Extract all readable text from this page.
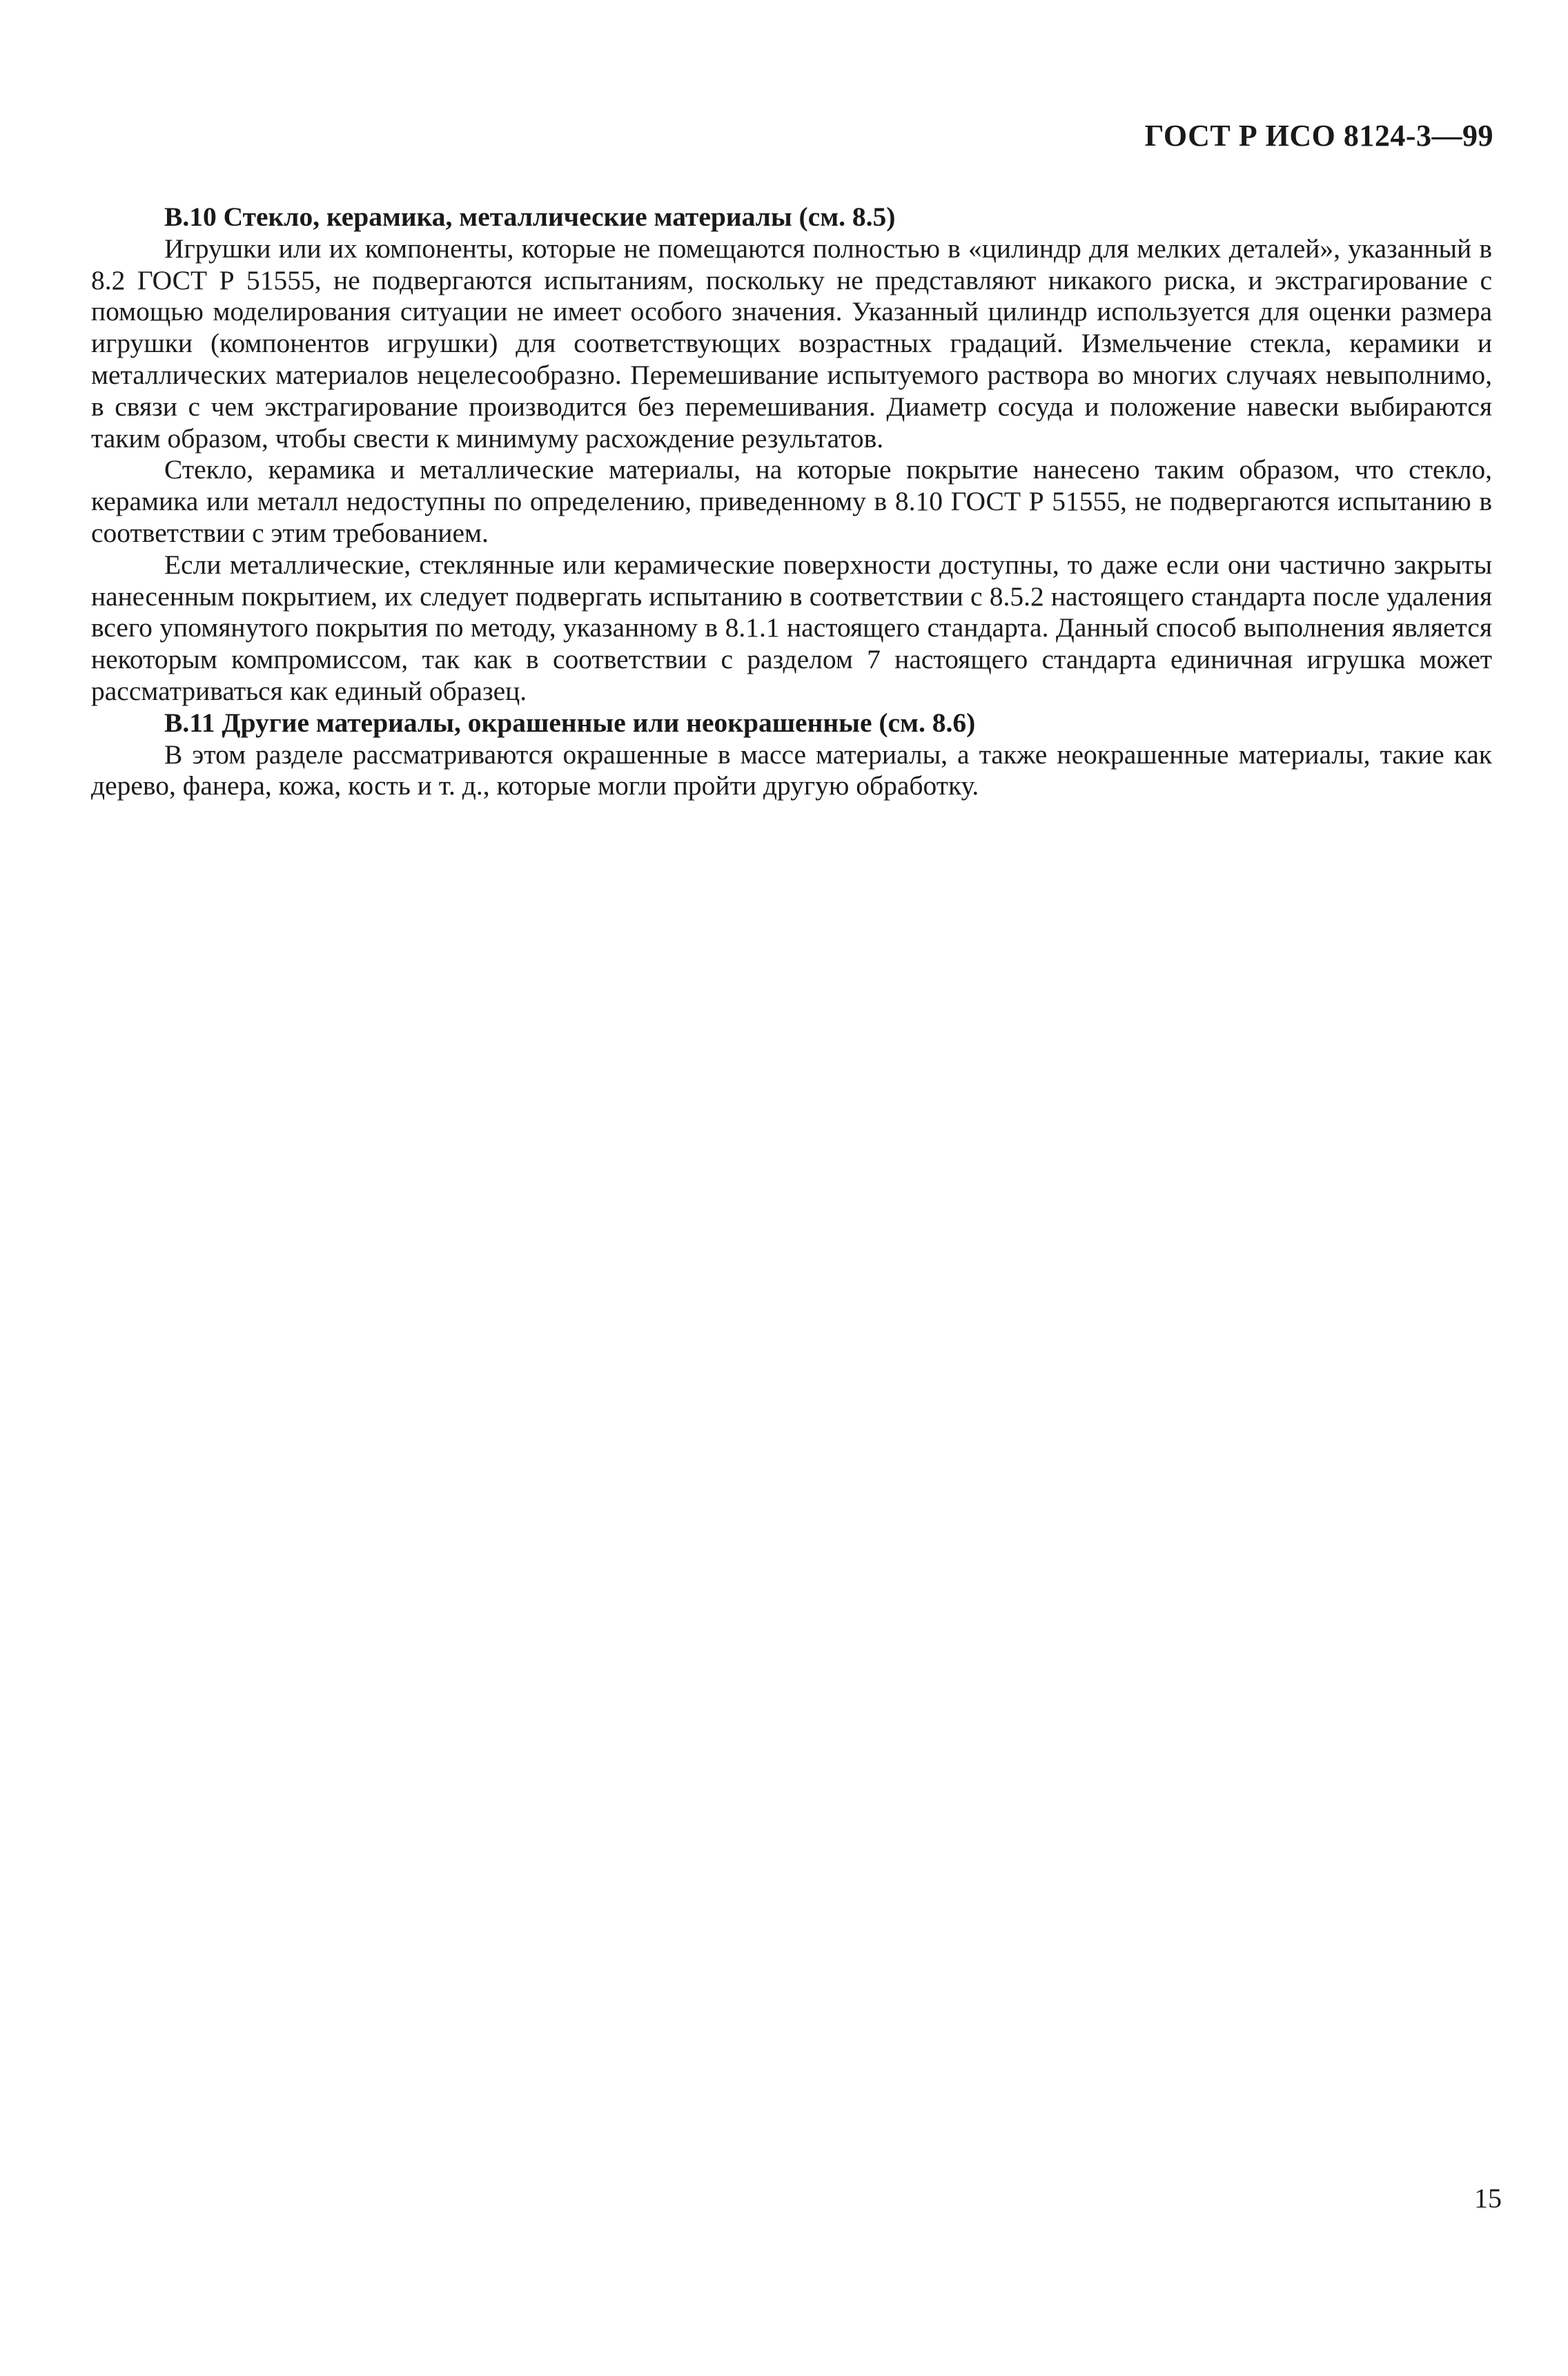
ГОСТ Р ИСО 8124-3—99

В.10 Стекло, керамика, металлические материалы (см. 8.5)

Игрушки или их компоненты, которые не помещаются полностью в «цилиндр для мелких деталей», указанный в 8.2 ГОСТ Р 51555, не подвергаются испытаниям, поскольку не представляют никакого риска, и экстрагирование с помощью моделирования ситуации не имеет особого значения. Указанный цилиндр используется для оценки размера игрушки (компонентов игрушки) для соответствующих возрастных градаций. Измельчение стекла, керамики и металлических материалов нецелесообразно. Перемешивание испытуемого раствора во многих случаях невыполнимо, в связи с чем экстрагирование производится без перемешивания. Диаметр сосуда и положение навески выбираются таким образом, чтобы свести к минимуму расхождение результатов.

Стекло, керамика и металлические материалы, на которые покрытие нанесено таким образом, что стекло, керамика или металл недоступны по определению, приведенному в 8.10 ГОСТ Р 51555, не подвергаются испытанию в соответствии с этим требованием.

Если металлические, стеклянные или керамические поверхности доступны, то даже если они частично закрыты нанесенным покрытием, их следует подвергать испытанию в соответствии с 8.5.2 настоящего стандарта после удаления всего упомянутого покрытия по методу, указанному в 8.1.1 настоящего стандарта. Данный способ выполнения является некоторым компромиссом, так как в соответствии с разделом 7 настоящего стандарта единичная игрушка может рассматриваться как единый образец.

В.11 Другие материалы, окрашенные или неокрашенные (см. 8.6)

В этом разделе рассматриваются окрашенные в массе материалы, а также неокрашенные материалы, такие как дерево, фанера, кожа, кость и т. д., которые могли пройти другую обработку.

15
